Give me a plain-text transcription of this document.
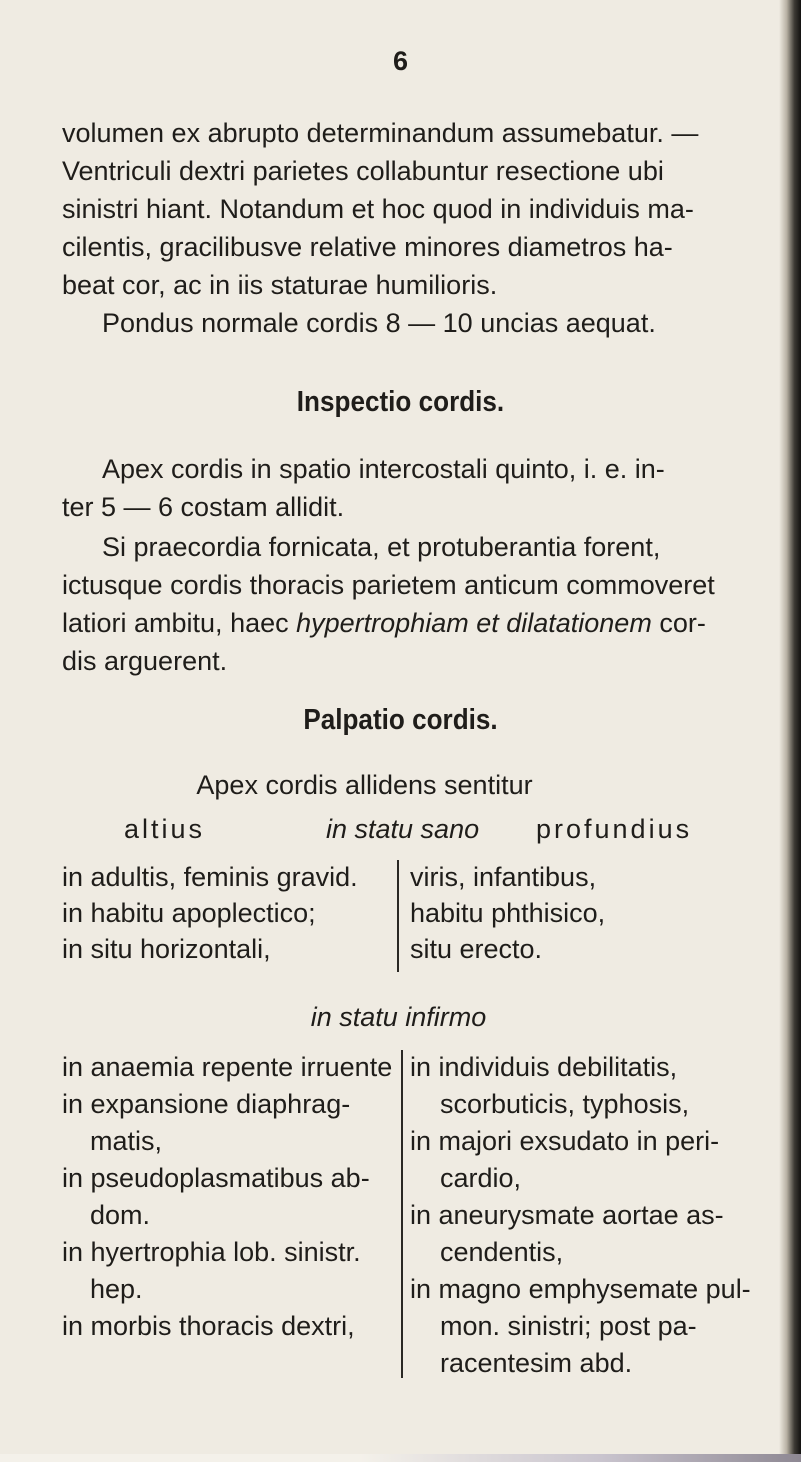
6
volumen ex abrupto determinandum assumebatur. —
Ventriculi dextri parietes collabuntur resectione ubi
sinistri hiant. Notandum et hoc quod in individuis ma-
cilentis, gracilibusve relative minores diametros ha-
beat cor, ac in iis staturae humilioris.
Pondus normale cordis 8 — 10 uncias aequat.
Inspectio cordis.
Apex cordis in spatio intercostali quinto, i. e. in-
ter 5 — 6 costam allidit.
Si praecordia fornicata, et protuberantia forent,
ictusque cordis thoracis parietem anticum commoveret
latiori ambitu, haec hypertrophiam et dilatationem cor-
dis arguerent.
Palpatio cordis.
Apex cordis allidens sentitur
altius	in statu sano profundius
in adultis, feminis gravid.
in habitu apoplectico;
in situ horizontali,
viris, infantibus,
habitu phthisico,
situ erecto.
in statu infirmo
in anaemia repente irruente
in expansione diaphrag-
matis,
in pseudoplasmatibus ab-
dom.
in hyertrophia lob. sinistr.
hep.
in morbis thoracis dextri,
in individuis debilitatis,
scorbuticis, typhosis,
in majori exsudato in peri-
cardio,
in aneurysmate aortae as-
cendentis,
in magno emphysemate pul-
mon. sinistri; post pa-
racentesim abd.
